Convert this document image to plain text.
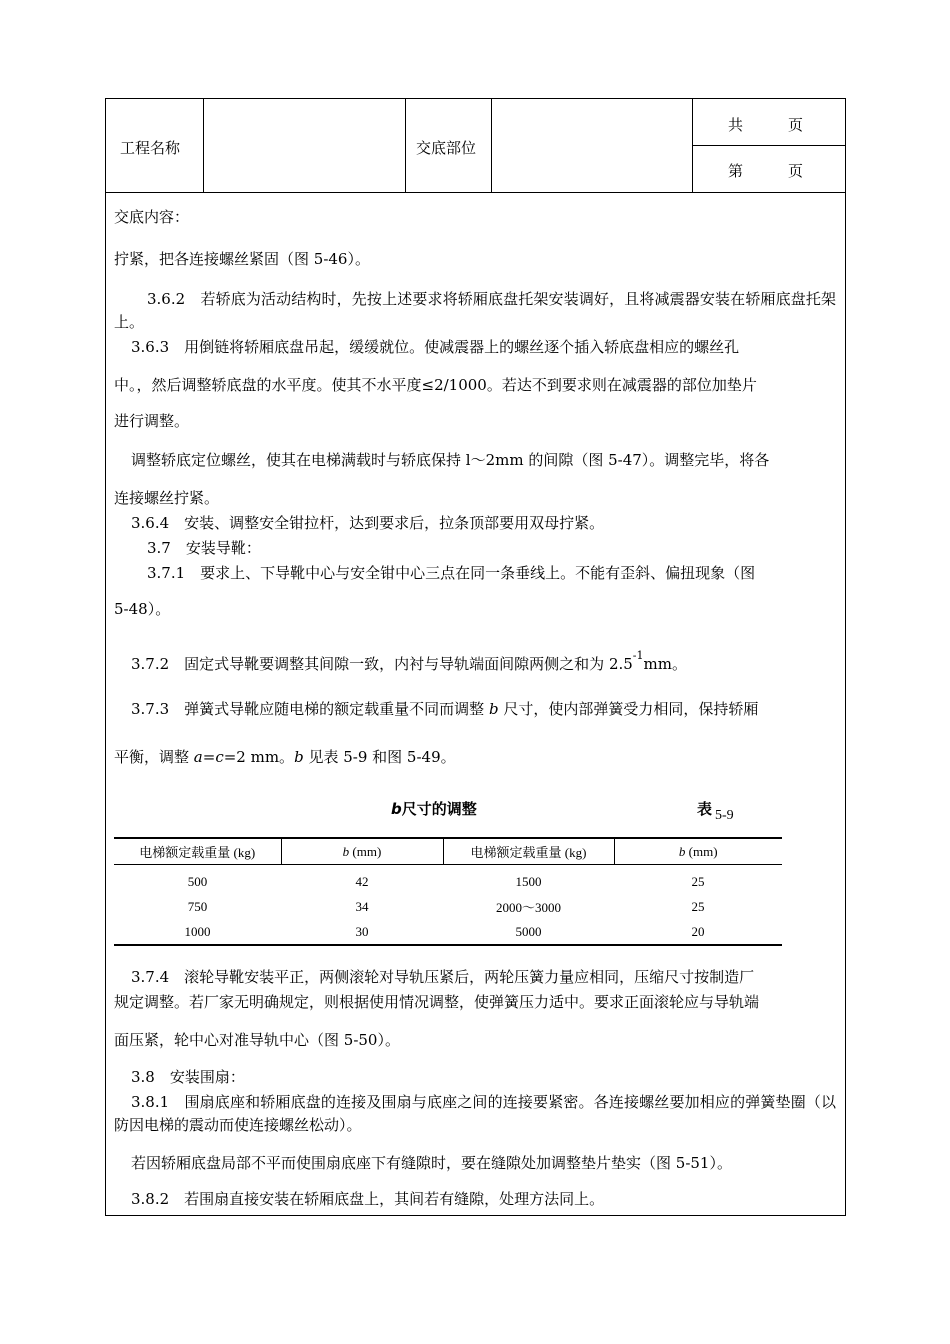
工程名称	交底部位
共　　　页
第　　　页
交底内容：
拧紧，把各连接螺丝紧固（图 5-46）。
3.6.2　若轿底为活动结构时，先按上述要求将轿厢底盘托架安装调好，且将减震器安装在轿厢底盘托架上。
3.6.3　用倒链将轿厢底盘吊起，缓缓就位。使减震器上的螺丝逐个插入轿底盘相应的螺丝孔
中。，然后调整轿底盘的水平度。使其不水平度≤2/1000。若达不到要求则在减震器的部位加垫片
进行调整。
调整轿底定位螺丝，使其在电梯满载时与轿底保持 l～2mm 的间隙（图 5-47）。调整完毕，将各
连接螺丝拧紧。
3.6.4　安装、调整安全钳拉杆，达到要求后，拉条顶部要用双母拧紧。
3.7　安装导靴：
3.7.1　要求上、下导靴中心与安全钳中心三点在同一条垂线上。不能有歪斜、偏扭现象（图
5-48）。
3.7.2　固定式导靴要调整其间隙一致，内衬与导轨端面间隙两侧之和为 $2.5^{-1}mm$。
3.7.3　弹簧式导靴应随电梯的额定载重量不同而调整 b 尺寸，使内部弹簧受力相同，保持轿厢
平衡，调整 a=c=2 mm。b 见表 5-9 和图 5-49。
b尺寸的调整	表 5-9
电梯额定载重量 (kg)	b (mm)	电梯额定载重量 (kg)	b (mm)
500	42	1500	25
750	34	2000～3000	25
1000	30	5000	20
3.7.4　滚轮导靴安装平正，两侧滚轮对导轨压紧后，两轮压簧力量应相同，压缩尺寸按制造厂
规定调整。若厂家无明确规定，则根据使用情况调整，使弹簧压力适中。要求正面滚轮应与导轨端
面压紧，轮中心对准导轨中心（图 5-50）。
3.8　安装围扇：
3.8.1　围扇底座和轿厢底盘的连接及围扇与底座之间的连接要紧密。各连接螺丝要加相应的弹簧垫圈（以防因电梯的震动而使连接螺丝松动）。
若因轿厢底盘局部不平而使围扇底座下有缝隙时，要在缝隙处加调整垫片垫实（图 5-51）。
3.8.2　若围扇直接安装在轿厢底盘上，其间若有缝隙，处理方法同上。
